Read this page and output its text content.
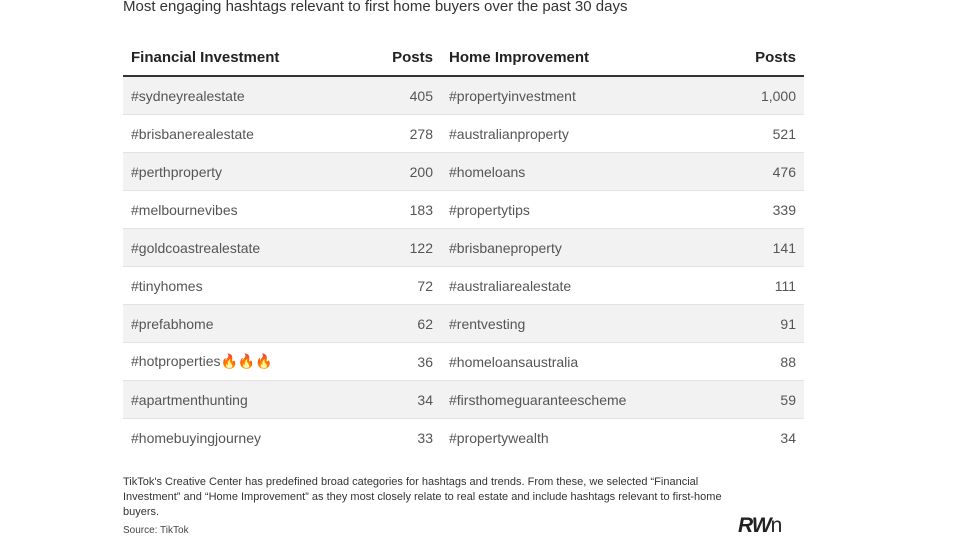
Most engaging hashtags relevant to first home buyers over the past 30 days
Financial Investment	Posts	Home Improvement	Posts
#sydneyrealestate	405	#propertyinvestment	1,000
#brisbanerealestate	278	#australianproperty	521
#perthproperty	200	#homeloans	476
#melbournevibes	183	#propertytips	339
#goldcoastrealestate	122	#brisbaneproperty	141
#tinyhomes	72	#australiarealestate	111
#prefabhome	62	#rentvesting	91
#hotproperties🔥🔥🔥	36	#homeloansaustralia	88
#apartmenthunting	34	#firsthomeguaranteescheme	59
#homebuyingjourney	33	#propertywealth	34
TikTok's Creative Center has predefined broad categories for hashtags and trends. From these, we selected “Financial Investment” and “Home Improvement” as they most closely relate to real estate and include hashtags relevant to first-home buyers.
Source: TikTok	RWn
